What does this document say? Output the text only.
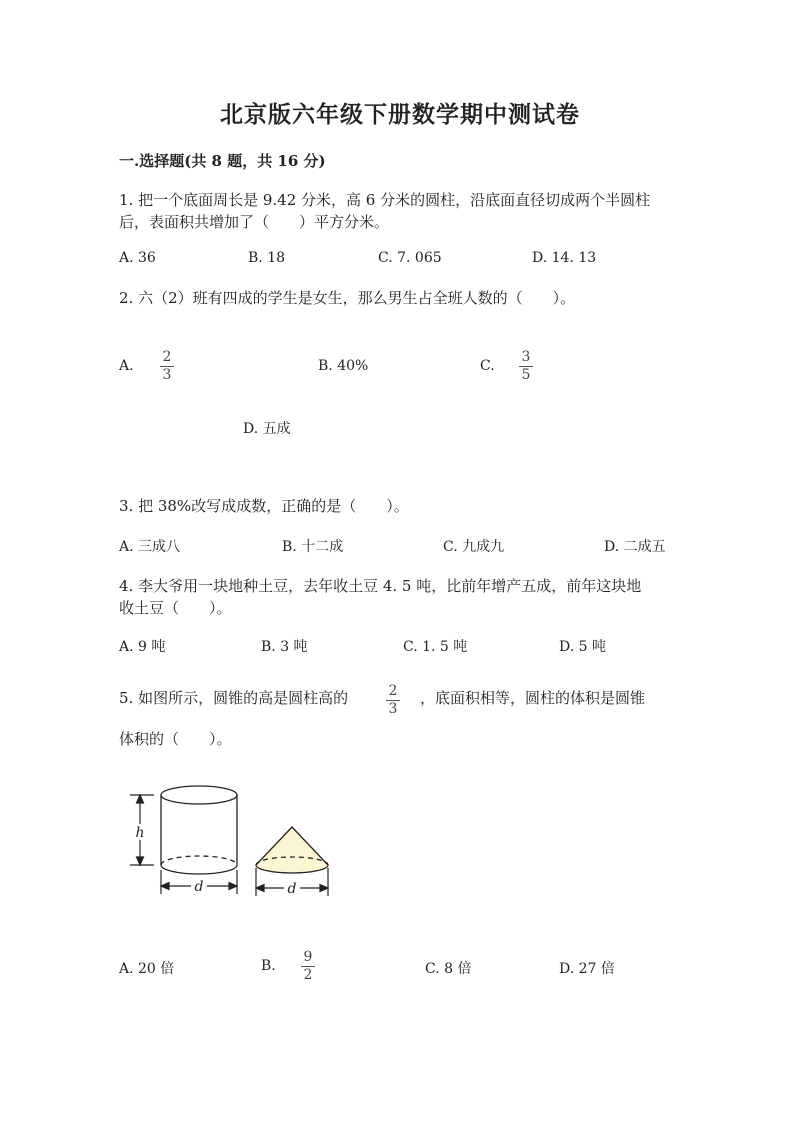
北京版六年级下册数学期中测试卷
一.选择题(共 8 题，共 16 分)
1. 把一个底面周长是 9.42 分米，高 6 分米的圆柱，沿底面直径切成两个半圆柱
后，表面积共增加了（　　）平方分米。
A. 36	B. 18	C. 7. 065	D. 14. 13
2. 六（2）班有四成的学生是女生，那么男生占全班人数的（　　）。
A.
2
3
B. 40%	C.
3
5
D. 五成
3. 把 38%改写成成数，正确的是（　　）。
A. 三成八	B. 十二成	C. 九成九	D. 二成五
4. 李大爷用一块地种土豆，去年收土豆 4. 5 吨，比前年增产五成，前年这块地
收土豆（　　）。
A. 9 吨	B. 3 吨	C. 1. 5 吨	D. 5 吨
5. 如图所示，圆锥的高是圆柱高的	2
3
，底面积相等，圆柱的体积是圆锥
体积的（　　）。
h
d	d
A. 20 倍	B.
9
2	C. 8 倍	D. 27 倍
